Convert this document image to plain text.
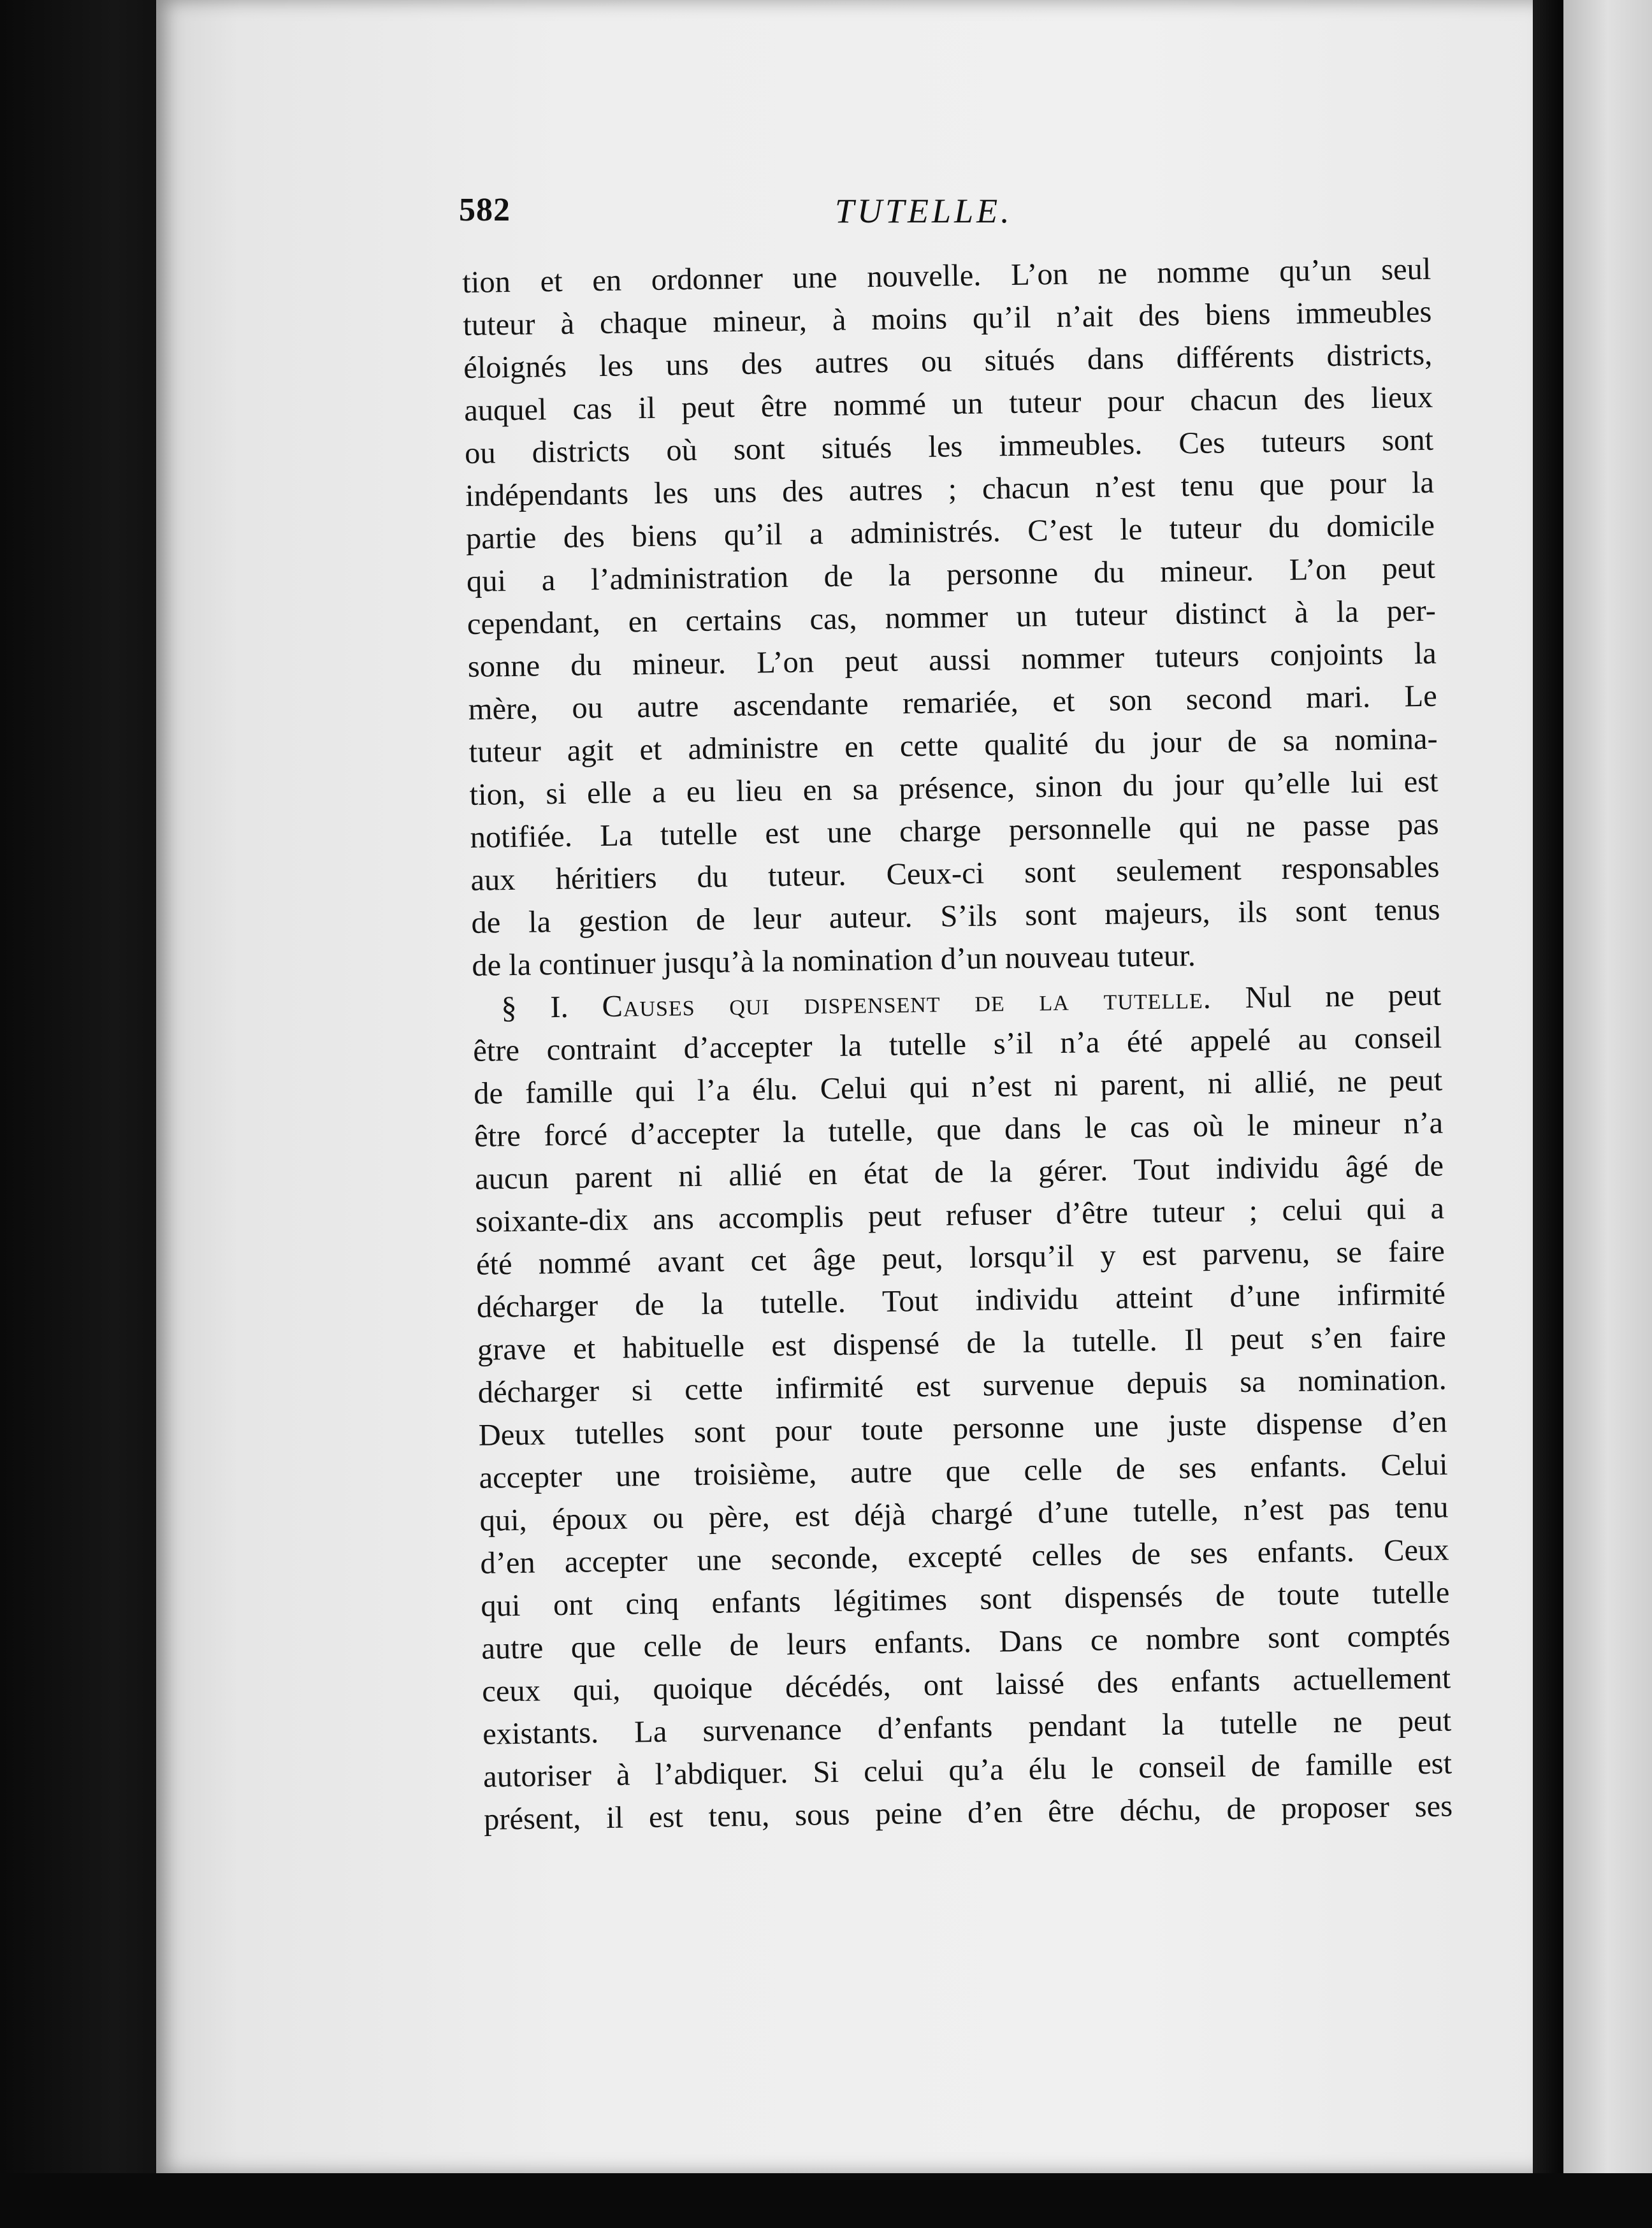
582	TUTELLE.
tion et en ordonner une nouvelle. L’on ne nomme qu’un seul
tuteur à chaque mineur, à moins qu’il n’ait des biens immeubles
éloignés les uns des autres ou situés dans différents districts,
auquel cas il peut être nommé un tuteur pour chacun des lieux
ou districts où sont situés les immeubles. Ces tuteurs sont
indépendants les uns des autres ; chacun n’est tenu que pour la
partie des biens qu’il a administrés. C’est le tuteur du domicile
qui a l’administration de la personne du mineur. L’on peut
cependant, en certains cas, nommer un tuteur distinct à la per-
sonne du mineur. L’on peut aussi nommer tuteurs conjoints la
mère, ou autre ascendante remariée, et son second mari. Le
tuteur agit et administre en cette qualité du jour de sa nomina-
tion, si elle a eu lieu en sa présence, sinon du jour qu’elle lui est
notifiée. La tutelle est une charge personnelle qui ne passe pas
aux héritiers du tuteur. Ceux-ci sont seulement responsables
de la gestion de leur auteur. S’ils sont majeurs, ils sont tenus
de la continuer jusqu’à la nomination d’un nouveau tuteur.
§ I. Causes qui dispensent de la tutelle. Nul ne peut
être contraint d’accepter la tutelle s’il n’a été appelé au conseil
de famille qui l’a élu. Celui qui n’est ni parent, ni allié, ne peut
être forcé d’accepter la tutelle, que dans le cas où le mineur n’a
aucun parent ni allié en état de la gérer. Tout individu âgé de
soixante-dix ans accomplis peut refuser d’être tuteur ; celui qui a
été nommé avant cet âge peut, lorsqu’il y est parvenu, se faire
décharger de la tutelle. Tout individu atteint d’une infirmité
grave et habituelle est dispensé de la tutelle. Il peut s’en faire
décharger si cette infirmité est survenue depuis sa nomination.
Deux tutelles sont pour toute personne une juste dispense d’en
accepter une troisième, autre que celle de ses enfants. Celui
qui, époux ou père, est déjà chargé d’une tutelle, n’est pas tenu
d’en accepter une seconde, excepté celles de ses enfants. Ceux
qui ont cinq enfants légitimes sont dispensés de toute tutelle
autre que celle de leurs enfants. Dans ce nombre sont comptés
ceux qui, quoique décédés, ont laissé des enfants actuellement
existants. La survenance d’enfants pendant la tutelle ne peut
autoriser à l’abdiquer. Si celui qu’a élu le conseil de famille est
présent, il est tenu, sous peine d’en être déchu, de proposer ses
